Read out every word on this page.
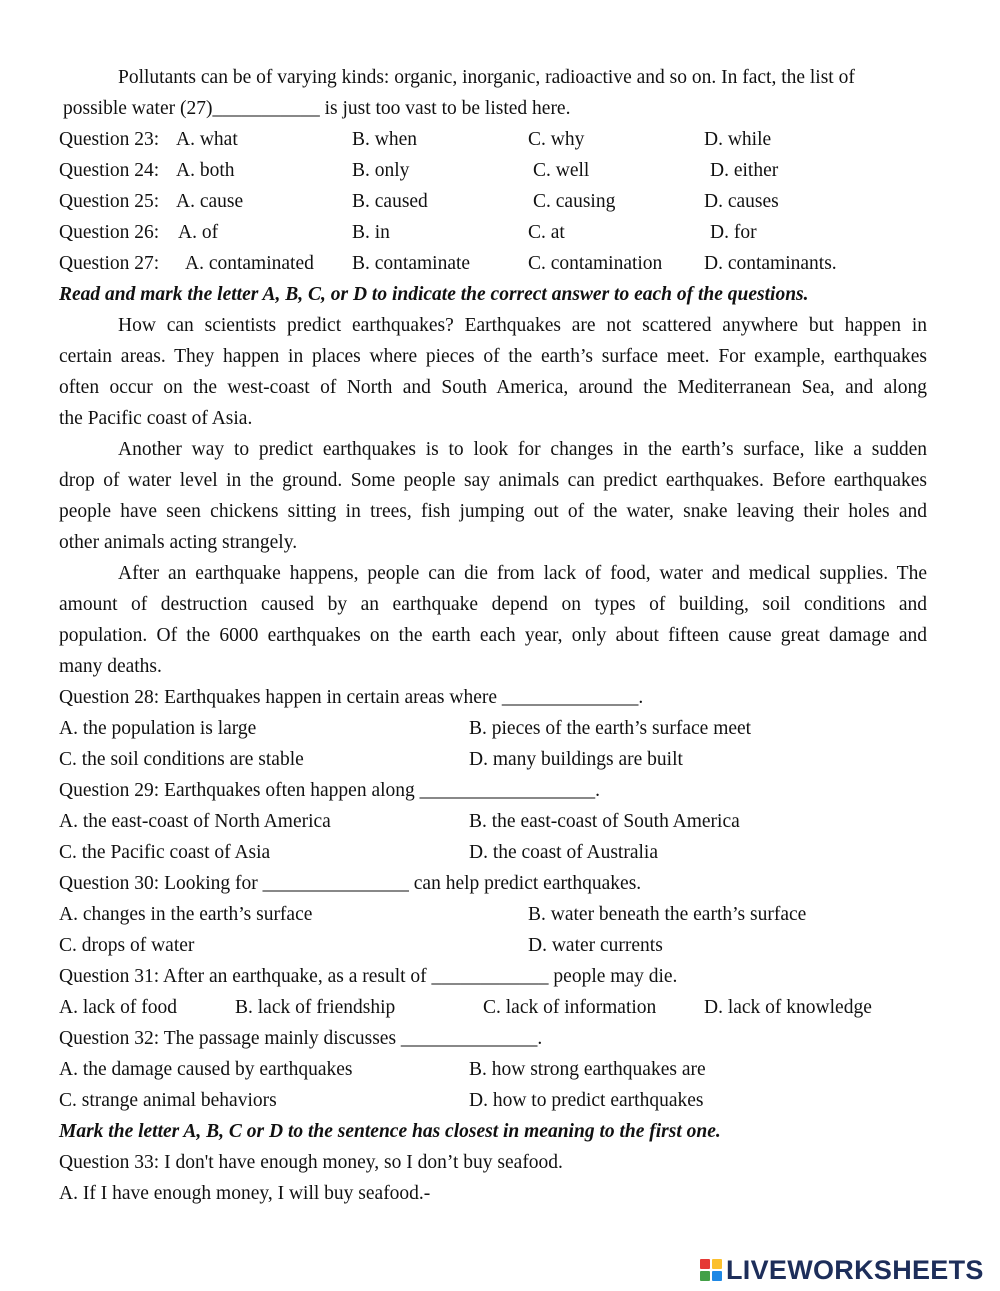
Pollutants can be of varying kinds: organic, inorganic, radioactive and so on. In fact, the list of
possible water (27)___________ is just too vast to be listed here.
Question 23: A. what	B. when	C. why	D. while
Question 24: A. both	B. only	C. well	D. either
Question 25: A. cause	B. caused	C. causing	D. causes
Question 26: A. of	B. in	C. at	D. for
Question 27: A. contaminated B. contaminate	C. contamination D. contaminants.
Read and mark the letter A, B, C, or D to indicate the correct answer to each of the questions.
How can scientists predict earthquakes? Earthquakes are not scattered anywhere but happen in
certain areas. They happen in places where pieces of the earth’s surface meet. For example, earthquakes
often occur on the west-coast of North and South America, around the Mediterranean Sea, and along
the Pacific coast of Asia.
Another way to predict earthquakes is to look for changes in the earth’s surface, like a sudden
drop of water level in the ground. Some people say animals can predict earthquakes. Before earthquakes
people have seen chickens sitting in trees, fish jumping out of the water, snake leaving their holes and
other animals acting strangely.
After an earthquake happens, people can die from lack of food, water and medical supplies. The
amount of destruction caused by an earthquake depend on types of building, soil conditions and
population. Of the 6000 earthquakes on the earth each year, only about fifteen cause great damage and
many deaths.
Question 28: Earthquakes happen in certain areas where ______________.
A. the population is large	B. pieces of the earth’s surface meet
C. the soil conditions are stable	D. many buildings are built
Question 29: Earthquakes often happen along __________________.
A. the east-coast of North America	B. the east-coast of South America
C. the Pacific coast of Asia	D. the coast of Australia
Question 30: Looking for _______________ can help predict earthquakes.
A. changes in the earth’s surface	B. water beneath the earth’s surface
C. drops of water	D. water currents
Question 31: After an earthquake, as a result of ____________ people may die.
A. lack of food	B. lack of friendship	C. lack of information D. lack of knowledge
Question 32: The passage mainly discusses ______________.
A. the damage caused by earthquakes	B. how strong earthquakes are
C. strange animal behaviors	D. how to predict earthquakes
Mark the letter A, B, C or D to the sentence has closest in meaning to the first one.
Question 33: I don't have enough money, so I don’t buy seafood.
A. If I have enough money, I will buy seafood.-
LIVEWORKSHEETS
